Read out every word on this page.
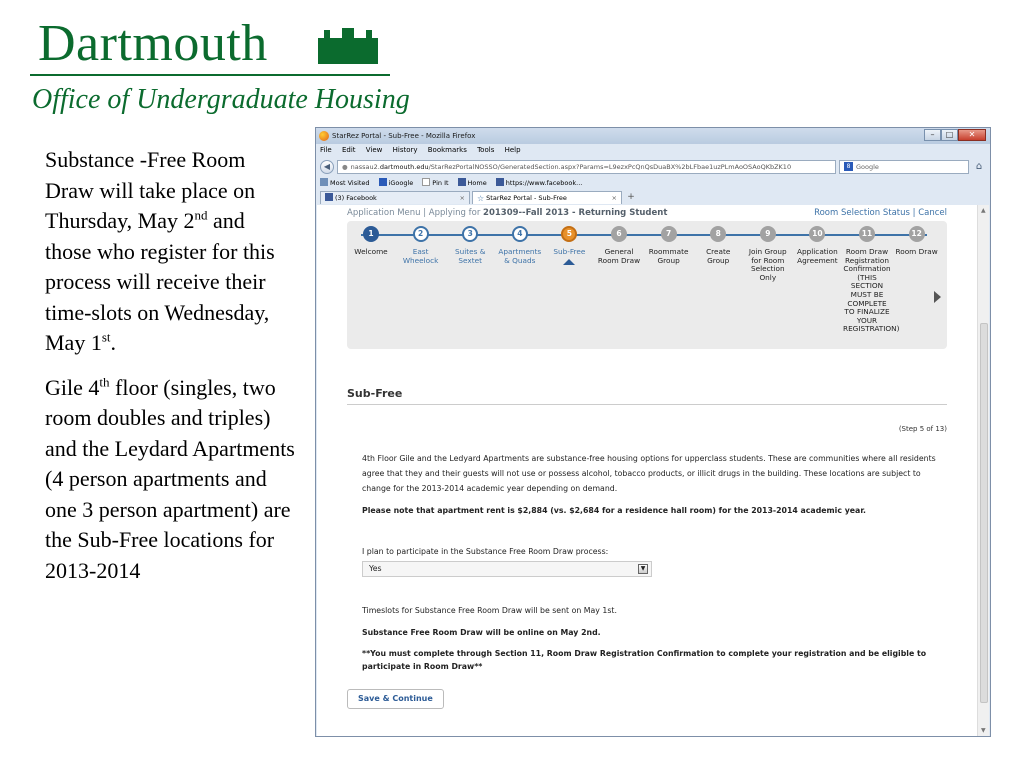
Dartmouth
Office of Undergraduate Housing

Substance -Free Room Draw will take place on Thursday, May 2nd and those who register for this process will receive their time-slots on Wednesday, May 1st.

Gile 4th floor (singles, two room doubles and triples) and the Leydard Apartments (4 person apartments and one 3 person apartment) are the Sub-Free locations for 2013-2014

StarRez Portal - Sub-Free - Mozilla Firefox	–	□	✕
File Edit View History Bookmarks Tools Help
◀	● nassau2.dartmouth.edu/StarRezPortalNOSSO/GeneratedSection.aspx?Params=L9ezxPcQnQsDuaBX%2bLFbae1uzPLmAoOSAoQKbZK10	8 Google	⌂
Most Visited	iGoogle	Pin It	Home	https://www.facebook...
(3) Facebook	×	☆ StarRez Portal - Sub-Free	×	+
Application Menu | Applying for 201309--Fall 2013 - Returning Student	Room Selection Status | Cancel
1
Welcome
2
East Wheelock
3
Suites & Sextet
4
Apartments & Quads
5
Sub-Free
6
General Room Draw
7
Roommate Group
8
Create Group
9
Join Group for Room Selection Only
10
Application Agreement
11
Room Draw Registration Confirmation (THIS SECTION MUST BE COMPLETE TO FINALIZE YOUR REGISTRATION)
12
Room Draw
Sub-Free
(Step 5 of 13)
4th Floor Gile and the Ledyard Apartments are substance-free housing options for upperclass students. These are communities where all residents agree that they and their guests will not use or possess alcohol, tobacco products, or illicit drugs in the building. These locations are subject to change for the 2013-2014 academic year depending on demand.
Please note that apartment rent is $2,884 (vs. $2,684 for a residence hall room) for the 2013-2014 academic year.
I plan to participate in the Substance Free Room Draw process:
Yes	▼
Timeslots for Substance Free Room Draw will be sent on May 1st.
Substance Free Room Draw will be online on May 2nd.
**You must complete through Section 11, Room Draw Registration Confirmation to complete your registration and be eligible to participate in Room Draw**
Save & Continue
▲
▼
